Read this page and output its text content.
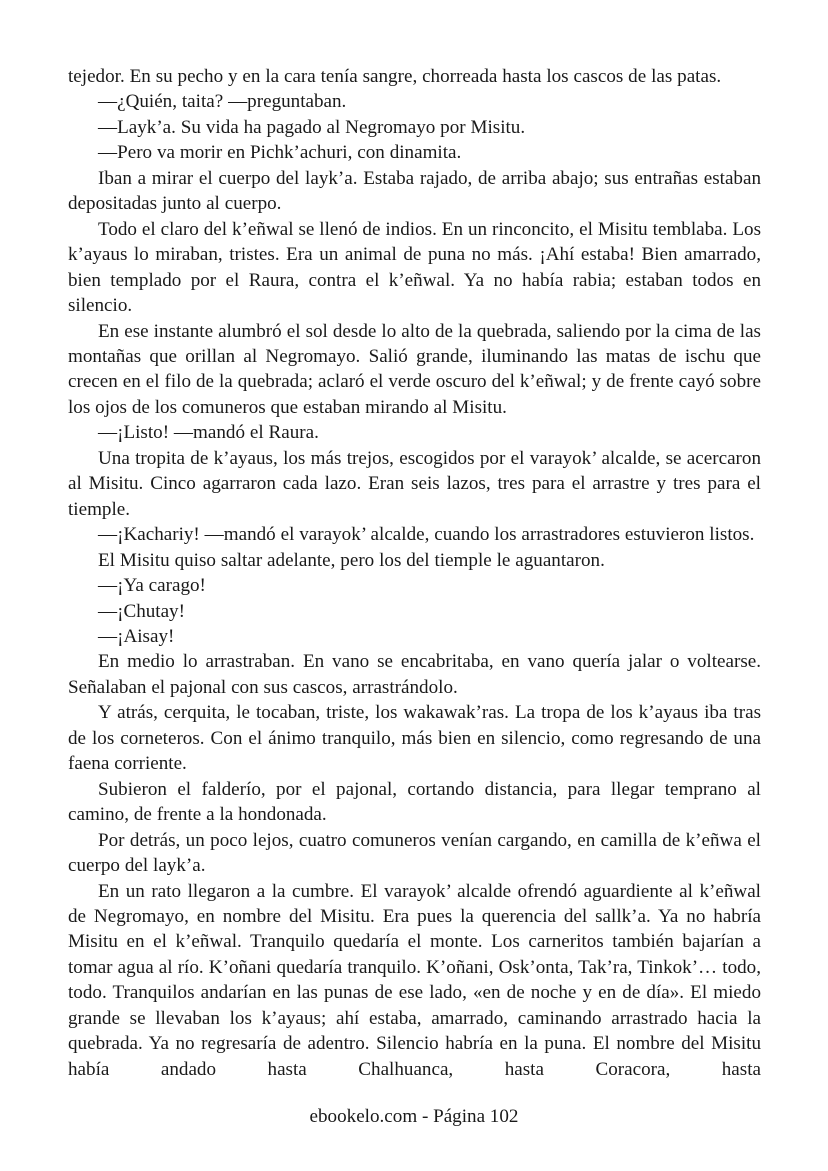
tejedor. En su pecho y en la cara tenía sangre, chorreada hasta los cascos de las patas.

—¿Quién, taita? —preguntaban.

—Layk’a. Su vida ha pagado al Negromayo por Misitu.

—Pero va morir en Pichk’achuri, con dinamita.

Iban a mirar el cuerpo del layk’a. Estaba rajado, de arriba abajo; sus entrañas estaban depositadas junto al cuerpo.

Todo el claro del k’eñwal se llenó de indios. En un rinconcito, el Misitu temblaba. Los k’ayaus lo miraban, tristes. Era un animal de puna no más. ¡Ahí estaba! Bien amarrado, bien templado por el Raura, contra el k’eñwal. Ya no había rabia; estaban todos en silencio.

En ese instante alumbró el sol desde lo alto de la quebrada, saliendo por la cima de las montañas que orillan al Negromayo. Salió grande, iluminando las matas de ischu que crecen en el filo de la quebrada; aclaró el verde oscuro del k’eñwal; y de frente cayó sobre los ojos de los comuneros que estaban mirando al Misitu.

—¡Listo! —mandó el Raura.

Una tropita de k’ayaus, los más trejos, escogidos por el varayok’ alcalde, se acercaron al Misitu. Cinco agarraron cada lazo. Eran seis lazos, tres para el arrastre y tres para el tiemple.

—¡Kachariy! —mandó el varayok’ alcalde, cuando los arrastradores estuvieron listos.

El Misitu quiso saltar adelante, pero los del tiemple le aguantaron.

—¡Ya carago!

—¡Chutay!

—¡Aisay!

En medio lo arrastraban. En vano se encabritaba, en vano quería jalar o voltearse. Señalaban el pajonal con sus cascos, arrastrándolo.

Y atrás, cerquita, le tocaban, triste, los wakawak’ras. La tropa de los k’ayaus iba tras de los corneteros. Con el ánimo tranquilo, más bien en silencio, como regresando de una faena corriente.

Subieron el falderío, por el pajonal, cortando distancia, para llegar temprano al camino, de frente a la hondonada.

Por detrás, un poco lejos, cuatro comuneros venían cargando, en camilla de k’eñwa el cuerpo del layk’a.

En un rato llegaron a la cumbre. El varayok’ alcalde ofrendó aguardiente al k’eñwal de Negromayo, en nombre del Misitu. Era pues la querencia del sallk’a. Ya no habría Misitu en el k’eñwal. Tranquilo quedaría el monte. Los carneritos también bajarían a tomar agua al río. K’oñani quedaría tranquilo. K’oñani, Osk’onta, Tak’ra, Tinkok’… todo, todo. Tranquilos andarían en las punas de ese lado, «en de noche y en de día». El miedo grande se llevaban los k’ayaus; ahí estaba, amarrado, caminando arrastrado hacia la quebrada. Ya no regresaría de adentro. Silencio habría en la puna. El nombre del Misitu había andado hasta Chalhuanca, hasta Coracora, hasta

ebookelo.com - Página 102
